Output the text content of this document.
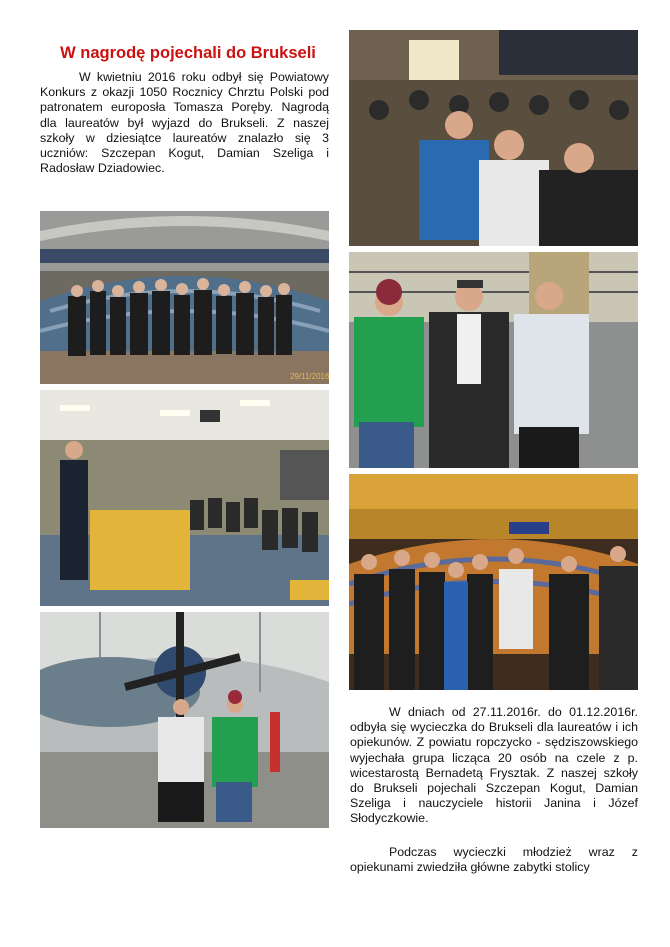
W nagrodę pojechali do Brukseli

W kwietniu 2016 roku odbył się Powiatowy Konkurs z okazji 1050 Rocznicy Chrztu Polski pod patronatem europosła Tomasza Poręby. Nagrodą dla laureatów był wyjazd do Brukseli. Z naszej szkoły w dziesiątce laureatów znalazło się 3 uczniów: Szczepan Kogut, Damian Szeliga i Radosław Dziadowiec.

29/11/2016

W dniach od 27.11.2016r. do 01.12.2016r. odbyła się wycieczka do Brukseli dla laureatów i ich opiekunów. Z powiatu ropczycko - sędziszowskiego wyjechała grupa licząca 20 osób na czele z p. wicestarostą Bernadetą Frysztak. Z naszej szkoły do Brukseli pojechali Szczepan Kogut, Damian Szeliga i nauczyciele historii Janina i Józef Słodyczkowie.

Podczas wycieczki młodzież wraz z opiekunami zwiedziła główne zabytki stolicy
